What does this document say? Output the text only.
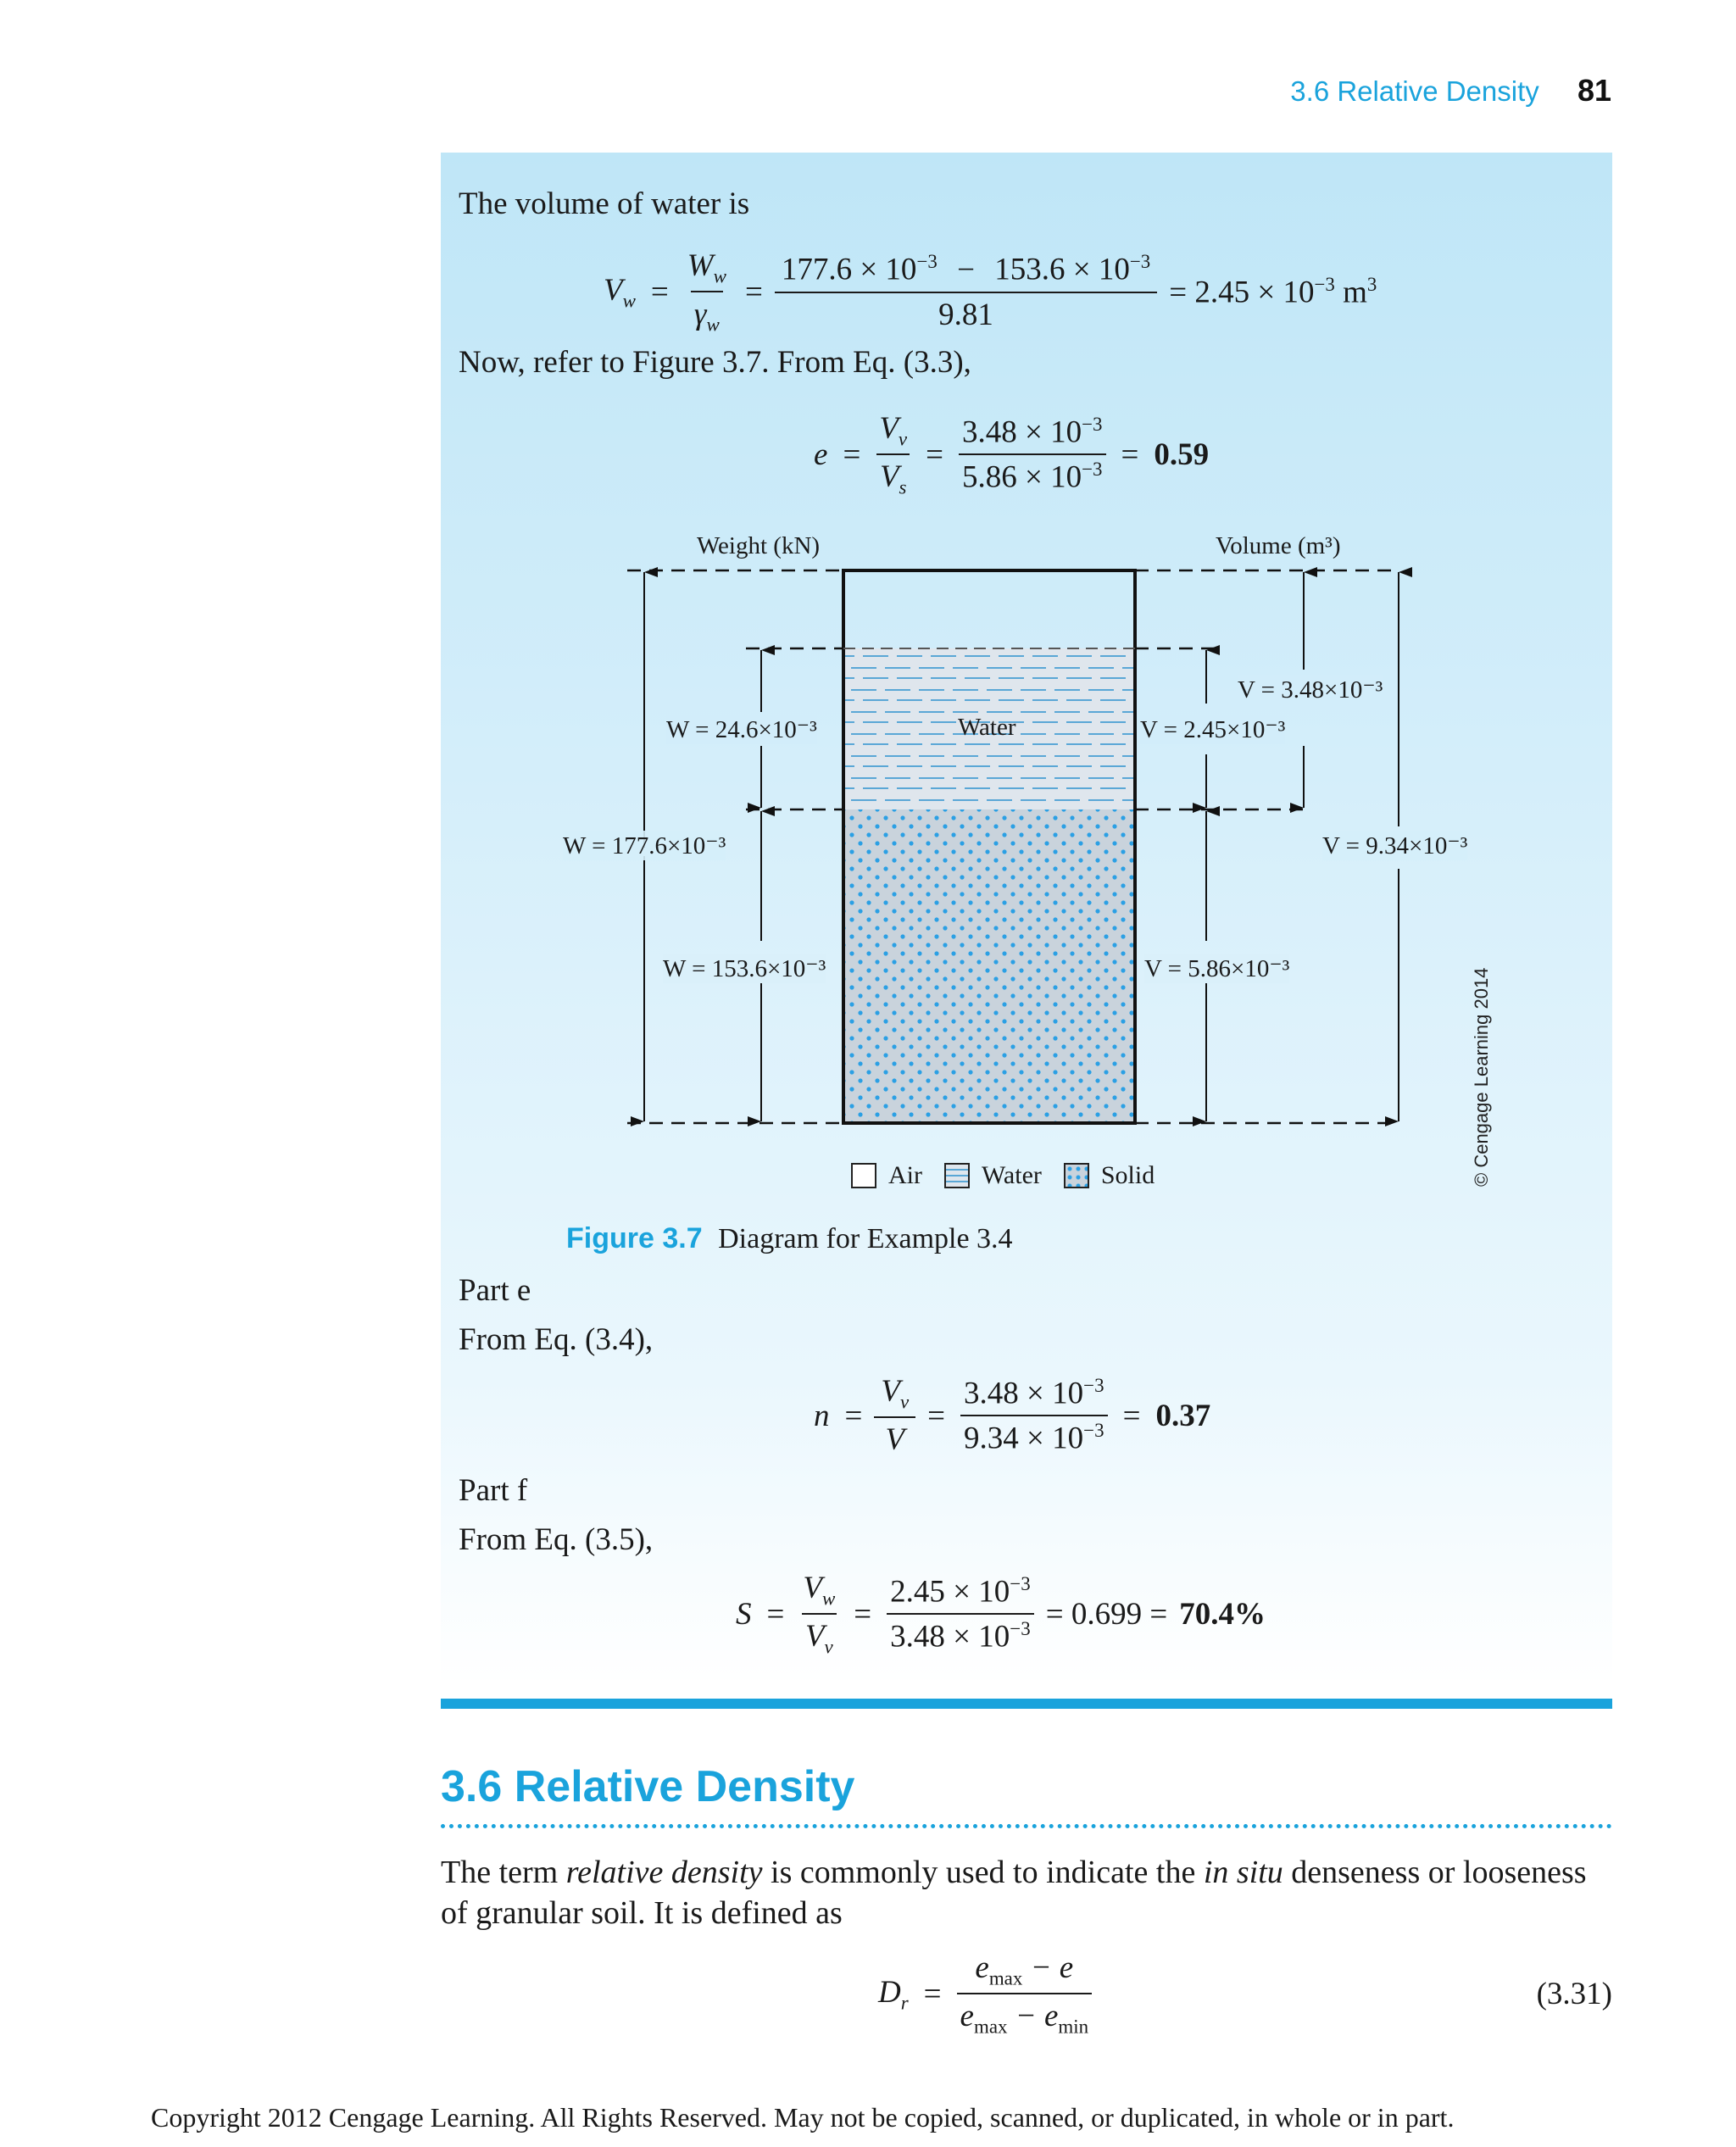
3.6 Relative Density 81
The volume of water is
$V_w = \frac{W_w}{\gamma_w} = \frac{177.6 \times 10^{-3} - 153.6 \times 10^{-3}}{9.81} = 2.45 \times 10^{-3}$ $m^3$
Now, refer to Figure 3.7. From Eq. (3.3),
$e = \frac{V_v}{V_s} = \frac{3.48 \times 10^{-3}}{5.86 \times 10^{-3}} = 0.59$
Weight (kN)	Volume (m³)
Water
W = 24.6×10⁻³
W = 153.6×10⁻³
W = 177.6×10⁻³
V = 3.48×10⁻³
V = 2.45×10⁻³
V = 5.86×10⁻³
V = 9.34×10⁻³
Air Water Solid
Figure 3.7 Diagram for Example 3.4
© Cengage Learning 2014
Part e
From Eq. (3.4),
$n = \frac{V_v}{V} = \frac{3.48 \times 10^{-3}}{9.34 \times 10^{-3}} = 0.37$
Part f
From Eq. (3.5),
$S = \frac{V_w}{V_v} = \frac{2.45 \times 10^{-3}}{3.48 \times 10^{-3}} = 0.699 = 70.4\%$
3.6 Relative Density
The term relative density is commonly used to indicate the in situ denseness or looseness
of granular soil. It is defined as
$D_r = \frac{e_{max} - e}{e_{max} - e_{min}}$	(3.31)
Copyright 2012 Cengage Learning. All Rights Reserved. May not be copied, scanned, or duplicated, in whole or in part.
